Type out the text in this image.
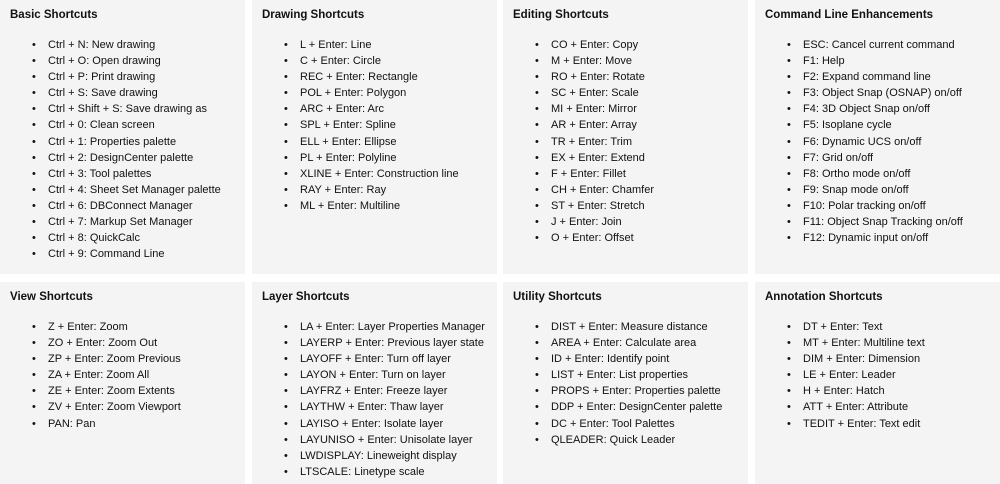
Basic Shortcuts
• Ctrl + N: New drawing
• Ctrl + O: Open drawing
• Ctrl + P: Print drawing
• Ctrl + S: Save drawing
• Ctrl + Shift + S: Save drawing as
• Ctrl + 0: Clean screen
• Ctrl + 1: Properties palette
• Ctrl + 2: DesignCenter palette
• Ctrl + 3: Tool palettes
• Ctrl + 4: Sheet Set Manager palette
• Ctrl + 6: DBConnect Manager
• Ctrl + 7: Markup Set Manager
• Ctrl + 8: QuickCalc
• Ctrl + 9: Command Line
Drawing Shortcuts
• L + Enter: Line
• C + Enter: Circle
• REC + Enter: Rectangle
• POL + Enter: Polygon
• ARC + Enter: Arc
• SPL + Enter: Spline
• ELL + Enter: Ellipse
• PL + Enter: Polyline
• XLINE + Enter: Construction line
• RAY + Enter: Ray
• ML + Enter: Multiline
Editing Shortcuts
• CO + Enter: Copy
• M + Enter: Move
• RO + Enter: Rotate
• SC + Enter: Scale
• MI + Enter: Mirror
• AR + Enter: Array
• TR + Enter: Trim
• EX + Enter: Extend
• F + Enter: Fillet
• CH + Enter: Chamfer
• ST + Enter: Stretch
• J + Enter: Join
• O + Enter: Offset
Command Line Enhancements
• ESC: Cancel current command
• F1: Help
• F2: Expand command line
• F3: Object Snap (OSNAP) on/off
• F4: 3D Object Snap on/off
• F5: Isoplane cycle
• F6: Dynamic UCS on/off
• F7: Grid on/off
• F8: Ortho mode on/off
• F9: Snap mode on/off
• F10: Polar tracking on/off
• F11: Object Snap Tracking on/off
• F12: Dynamic input on/off
View Shortcuts
• Z + Enter: Zoom
• ZO + Enter: Zoom Out
• ZP + Enter: Zoom Previous
• ZA + Enter: Zoom All
• ZE + Enter: Zoom Extents
• ZV + Enter: Zoom Viewport
• PAN: Pan
Layer Shortcuts
• LA + Enter: Layer Properties Manager
• LAYERP + Enter: Previous layer state
• LAYOFF + Enter: Turn off layer
• LAYON + Enter: Turn on layer
• LAYFRZ + Enter: Freeze layer
• LAYTHW + Enter: Thaw layer
• LAYISO + Enter: Isolate layer
• LAYUNISO + Enter: Unisolate layer
• LWDISPLAY: Lineweight display
• LTSCALE: Linetype scale
Utility Shortcuts
• DIST + Enter: Measure distance
• AREA + Enter: Calculate area
• ID + Enter: Identify point
• LIST + Enter: List properties
• PROPS + Enter: Properties palette
• DDP + Enter: DesignCenter palette
• DC + Enter: Tool Palettes
• QLEADER: Quick Leader
Annotation Shortcuts
• DT + Enter: Text
• MT + Enter: Multiline text
• DIM + Enter: Dimension
• LE + Enter: Leader
• H + Enter: Hatch
• ATT + Enter: Attribute
• TEDIT + Enter: Text edit
